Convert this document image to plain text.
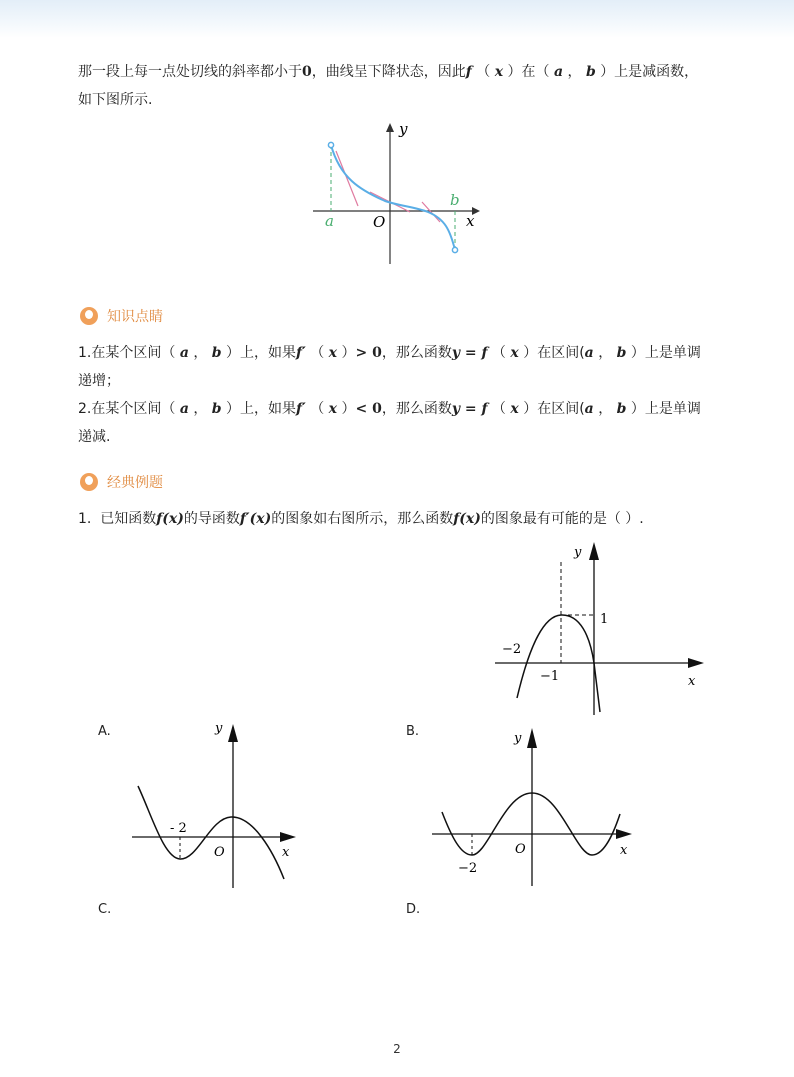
那一段上每一点处切线的斜率都小于0，曲线呈下降状态，因此f （ x ）在（ a ， b ）上是减函数，
如下图所示.
y
x
O
a
b
知识点睛
1.在某个区间（ a ， b ）上，如果f′ （ x ）> 0，那么函数y = f （ x ）在区间(a ， b ）上是单调
递增；
2.在某个区间（ a ， b ）上，如果f′ （ x ）< 0，那么函数y = f （ x ）在区间(a ， b ）上是单调
递减.
经典例题
1. 已知函数f(x)的导函数f′(x)的图象如右图所示，那么函数f(x)的图象最有可能的是（ ）.
y
x
−2
−1
1
A.	B.
C.	D.
y
x
O
- 2
y
x
O
−2
2
